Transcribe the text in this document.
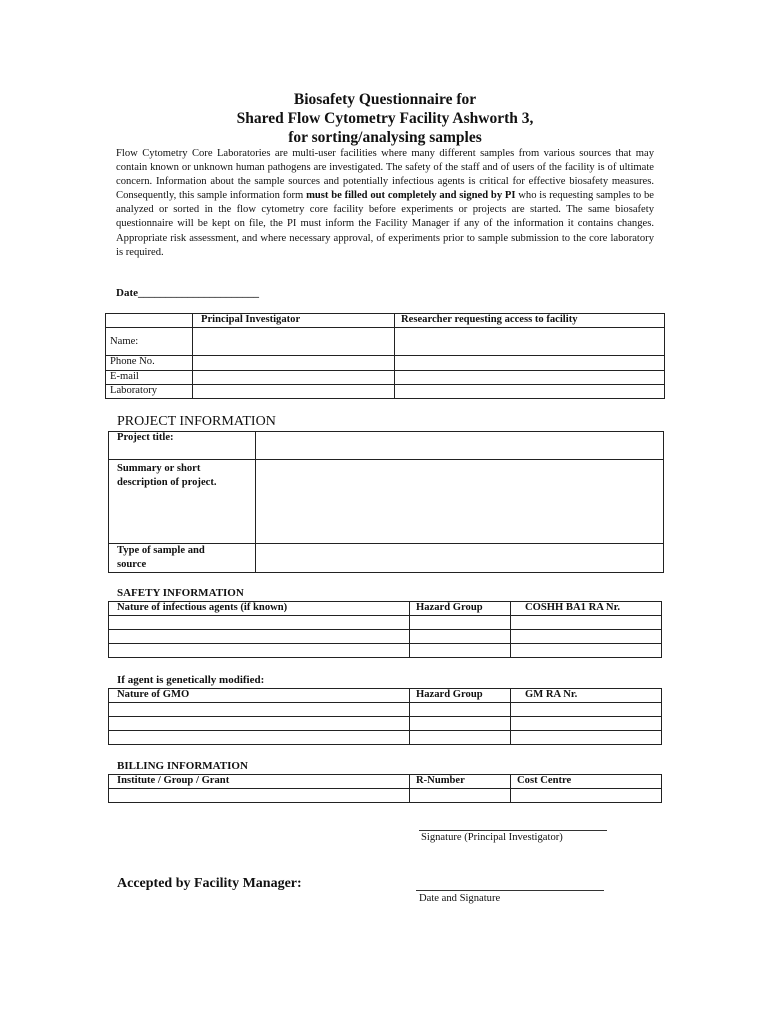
Biosafety Questionnaire for
Shared Flow Cytometry Facility Ashworth 3,
for sorting/analysing samples
Flow Cytometry Core Laboratories are multi-user facilities where many different samples from various sources that may contain known or unknown human pathogens are investigated. The safety of the staff and of users of the facility is of ultimate concern. Information about the sample sources and potentially infectious agents is critical for effective biosafety measures. Consequently, this sample information form must be filled out completely and signed by PI who is requesting samples to be analyzed or sorted in the flow cytometry core facility before experiments or projects are started. The same biosafety questionnaire will be kept on file, the PI must inform the Facility Manager if any of the information it contains changes. Appropriate risk assessment, and where necessary approval, of experiments prior to sample submission to the core laboratory is required.
Date______________________
	Principal Investigator	Researcher requesting access to facility
Name:		
Phone No.		
E-mail		
Laboratory		
PROJECT INFORMATION
Project title:	

Summary or short
description of project.	

Type of sample and
source	

SAFETY INFORMATION
Nature of infectious agents (if known)	Hazard Group	COSHH BA1 RA Nr.

If agent is genetically modified:
Nature of GMO	Hazard Group	GM RA Nr.

BILLING INFORMATION
Institute / Group / Grant	R-Number	Cost Centre

Signature (Principal Investigator)
Accepted by Facility Manager:
Date and Signature
